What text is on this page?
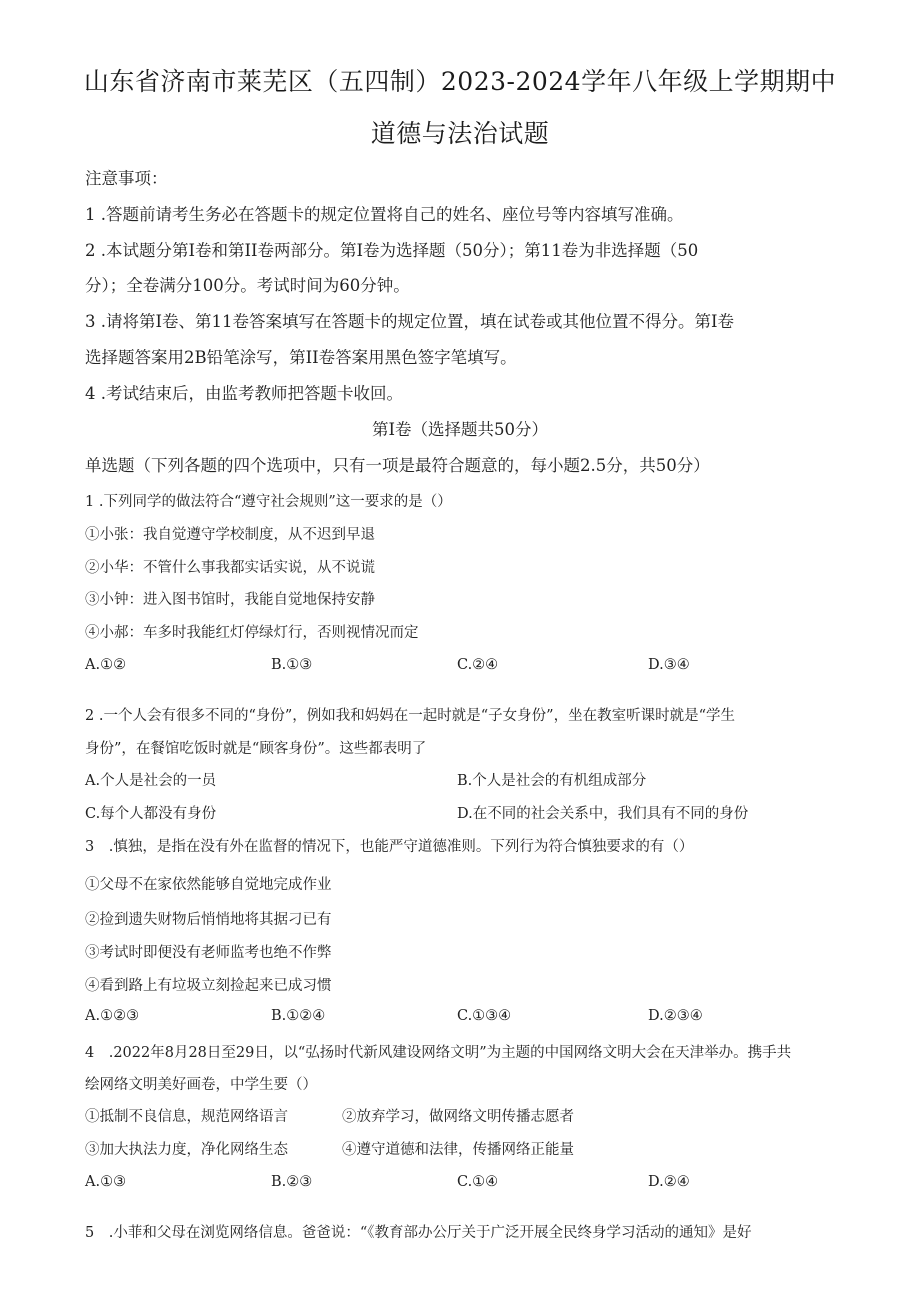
山东省济南市莱芜区（五四制）2023-2024学年八年级上学期期中
道德与法治试题
注意事项：
1 .答题前请考生务必在答题卡的规定位置将自己的姓名、座位号等内容填写准确。
2 .本试题分第I卷和第II卷两部分。第I卷为选择题（50分）；第11卷为非选择题（50
分）；全卷满分100分。考试时间为60分钟。
3 .请将第I卷、第11卷答案填写在答题卡的规定位置，填在试卷或其他位置不得分。第I卷
选择题答案用2B铅笔涂写，第II卷答案用黑色签字笔填写。
4 .考试结束后，由监考教师把答题卡收回。
第I卷（选择题共50分）
单选题（下列各题的四个选项中，只有一项是最符合题意的，每小题2.5分，共50分）
1 .下列同学的做法符合“遵守社会规则”这一要求的是（）
①小张：我自觉遵守学校制度，从不迟到早退
②小华：不管什么事我都实话实说，从不说谎
③小钟：进入图书馆时，我能自觉地保持安静
④小郝：车多时我能红灯停绿灯行，否则视情况而定
A.①②	B.①③	C.②④	D.③④
2 .一个人会有很多不同的“身份”，例如我和妈妈在一起时就是“子女身份”，坐在教室听课时就是“学生
身份”，在餐馆吃饭时就是“顾客身份”。这些都表明了
A.个人是社会的一员	B.个人是社会的有机组成部分
C.每个人都没有身份	D.在不同的社会关系中，我们具有不同的身份
3　.慎独，是指在没有外在监督的情况下，也能严守道德准则。下列行为符合慎独要求的有（）
①父母不在家依然能够自觉地完成作业
②捡到遗失财物后悄悄地将其据刁已有
③考试时即便没有老师监考也绝不作弊
④看到路上有垃圾立刻捡起来已成习惯
A.①②③	B.①②④	C.①③④	D.②③④
4　.2022年8月28日至29日，以“弘扬时代新风建设网络文明”为主题的中国网络文明大会在天津举办。携手共
绘网络文明美好画卷，中学生要（）
①抵制不良信息，规范网络语言	②放弃学习，做网络文明传播志愿者
③加大执法力度，净化网络生态	④遵守道德和法律，传播网络正能量
A.①③	B.②③	C.①④	D.②④
5　.小菲和父母在浏览网络信息。爸爸说：“《教育部办公厅关于广泛开展全民终身学习活动的通知》是好
